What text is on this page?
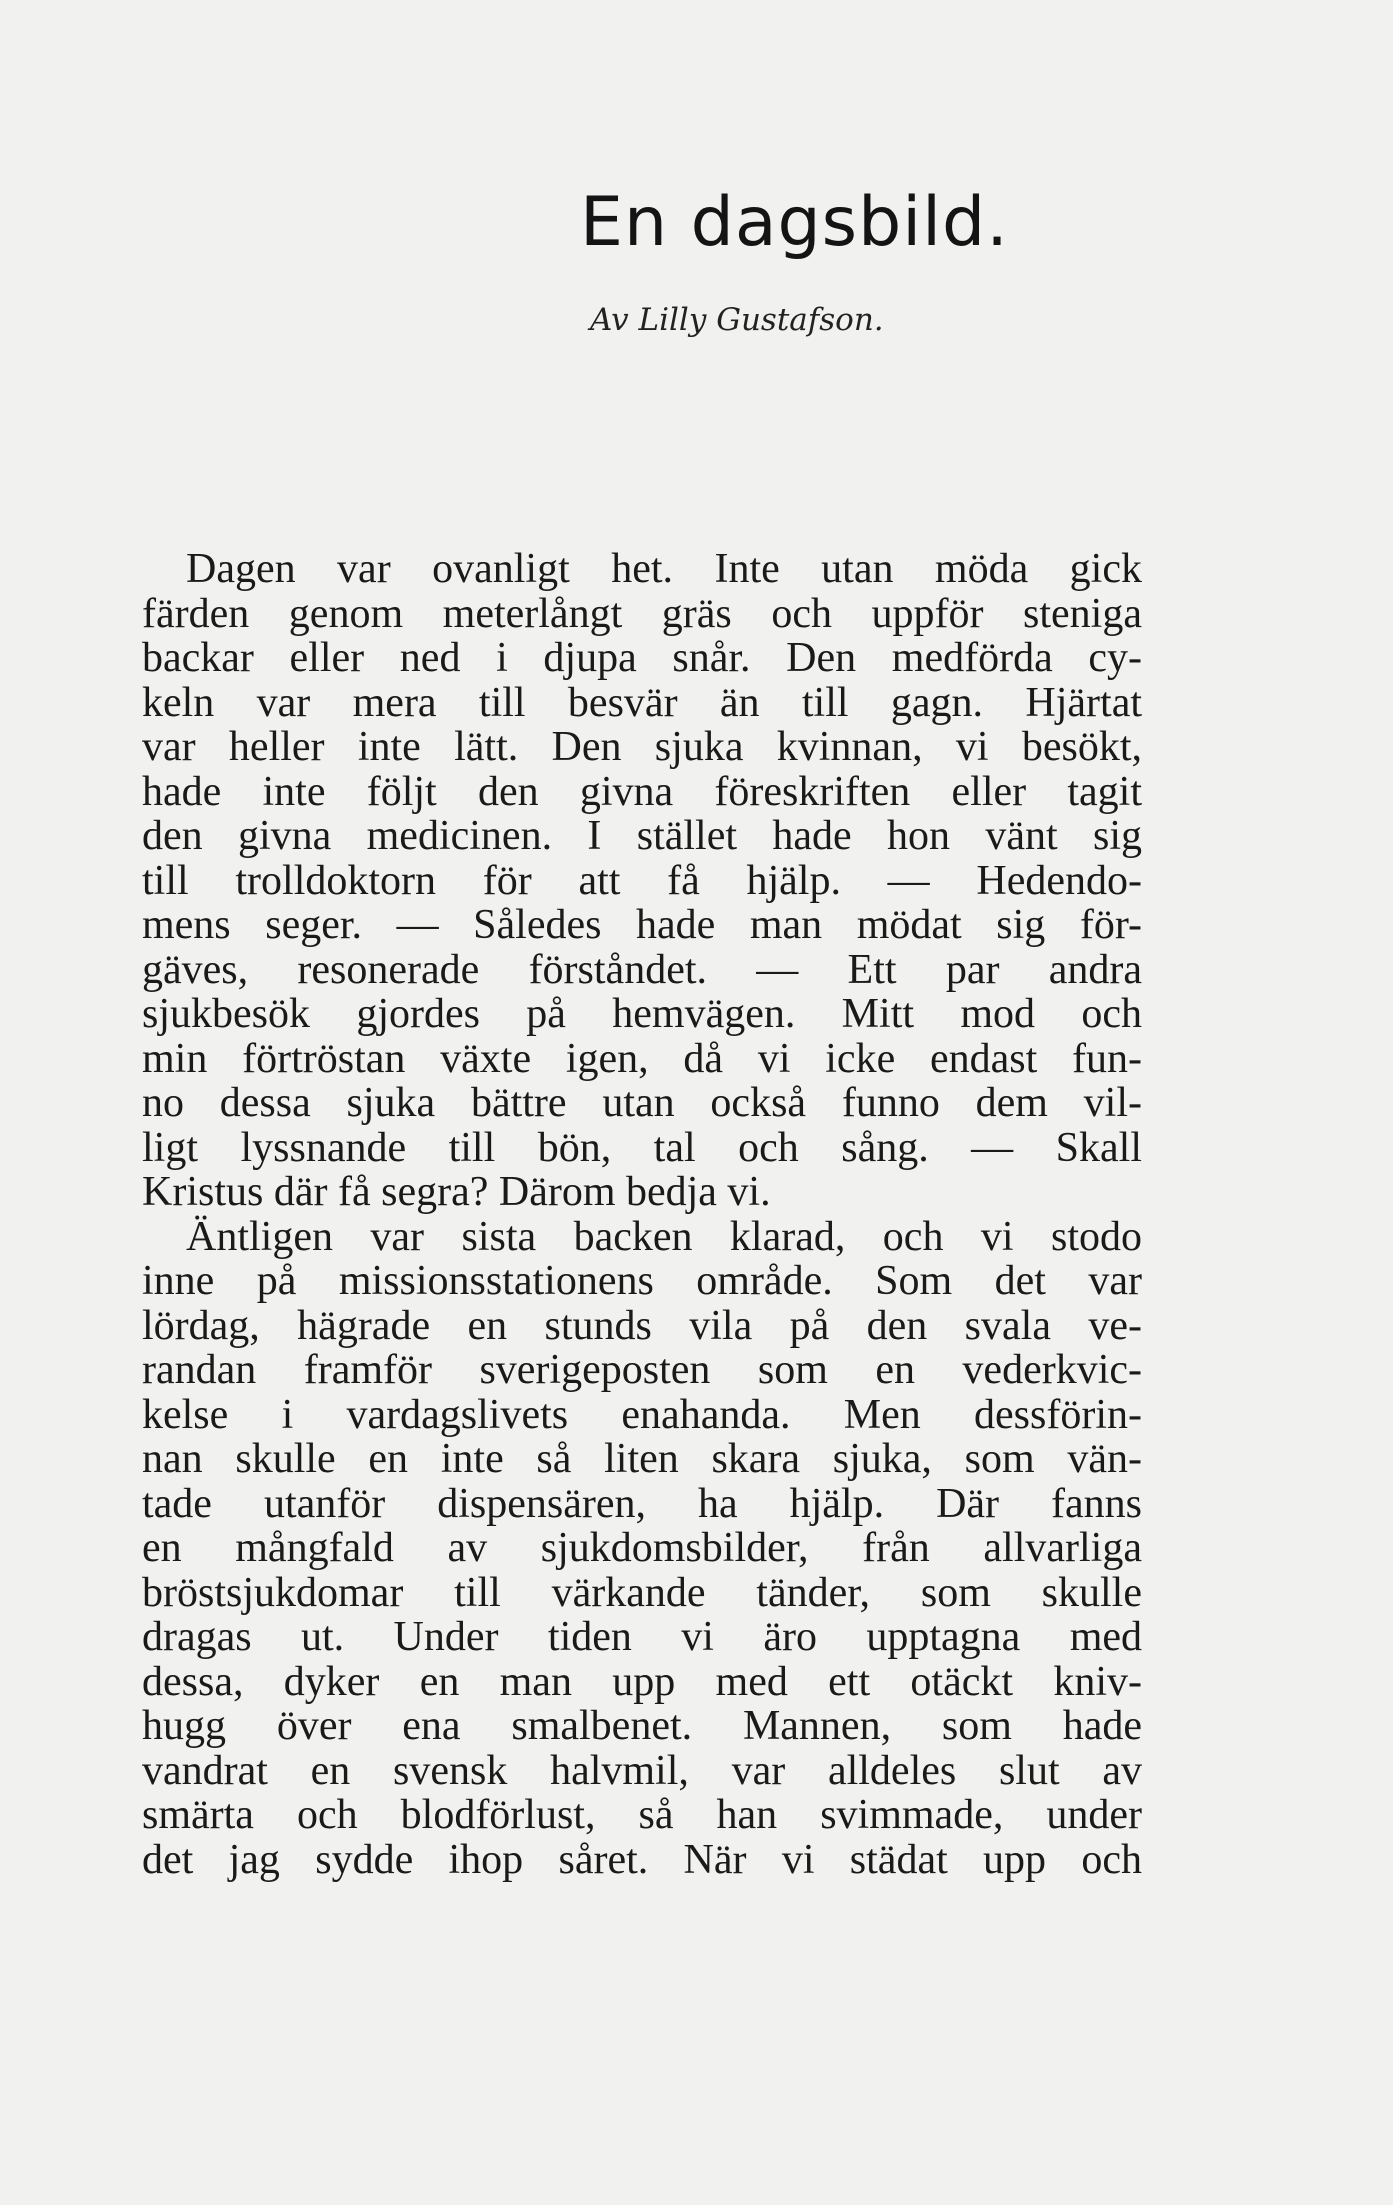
En dagsbild.

Av Lilly Gustafson.

Dagen var ovanligt het. Inte utan möda gick
färden genom meterlångt gräs och uppför steniga
backar eller ned i djupa snår. Den medförda cy-
keln var mera till besvär än till gagn. Hjärtat
var heller inte lätt. Den sjuka kvinnan, vi besökt,
hade inte följt den givna föreskriften eller tagit
den givna medicinen. I stället hade hon vänt sig
till trolldoktorn för att få hjälp. — Hedendo-
mens seger. — Således hade man mödat sig för-
gäves, resonerade förståndet. — Ett par andra
sjukbesök gjordes på hemvägen. Mitt mod och
min förtröstan växte igen, då vi icke endast fun-
no dessa sjuka bättre utan också funno dem vil-
ligt lyssnande till bön, tal och sång. — Skall
Kristus där få segra? Därom bedja vi.
Äntligen var sista backen klarad, och vi stodo
inne på missionsstationens område. Som det var
lördag, hägrade en stunds vila på den svala ve-
randan framför sverigeposten som en vederkvic-
kelse i vardagslivets enahanda. Men dessförin-
nan skulle en inte så liten skara sjuka, som vän-
tade utanför dispensären, ha hjälp. Där fanns
en mångfald av sjukdomsbilder, från allvarliga
bröstsjukdomar till värkande tänder, som skulle
dragas ut. Under tiden vi äro upptagna med
dessa, dyker en man upp med ett otäckt kniv-
hugg över ena smalbenet. Mannen, som hade
vandrat en svensk halvmil, var alldeles slut av
smärta och blodförlust, så han svimmade, under
det jag sydde ihop såret. När vi städat upp och
